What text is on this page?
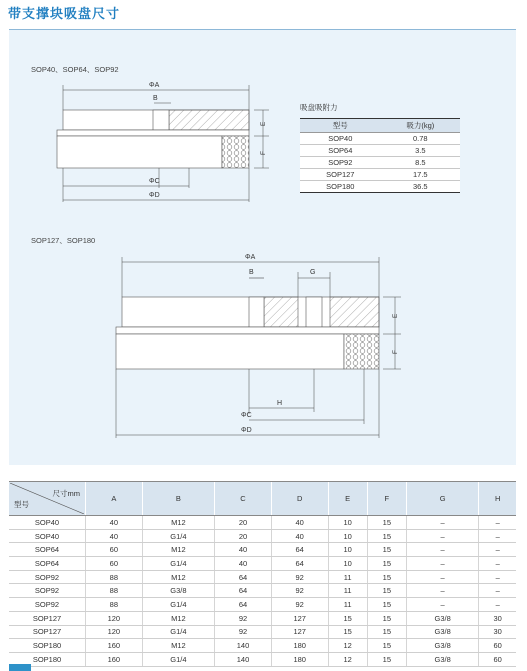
带支撑块吸盘尺寸
SOP40、SOP64、SOP92
ΦA
B
E
F
ΦC
ΦD
吸盘吸附力
型号	吸力(kg)
SOP40	0.78
SOP64	3.5
SOP92	8.5
SOP127	17.5
SOP180	36.5
SOP127、SOP180
ΦA
B	G
E
F
H
ΦC
ΦD
尺寸mm
型号	A	B	C	D	E	F	G	H
SOP40	40	M12	20	40	10	15	–	–
SOP40	40	G1/4	20	40	10	15	–	–
SOP64	60	M12	40	64	10	15	–	–
SOP64	60	G1/4	40	64	10	15	–	–
SOP92	88	M12	64	92	11	15	–	–
SOP92	88	G3/8	64	92	11	15	–	–
SOP92	88	G1/4	64	92	11	15	–	–
SOP127	120	M12	92	127	15	15	G3/8	30
SOP127	120	G1/4	92	127	15	15	G3/8	30
SOP180	160	M12	140	180	12	15	G3/8	60
SOP180	160	G1/4	140	180	12	15	G3/8	60
